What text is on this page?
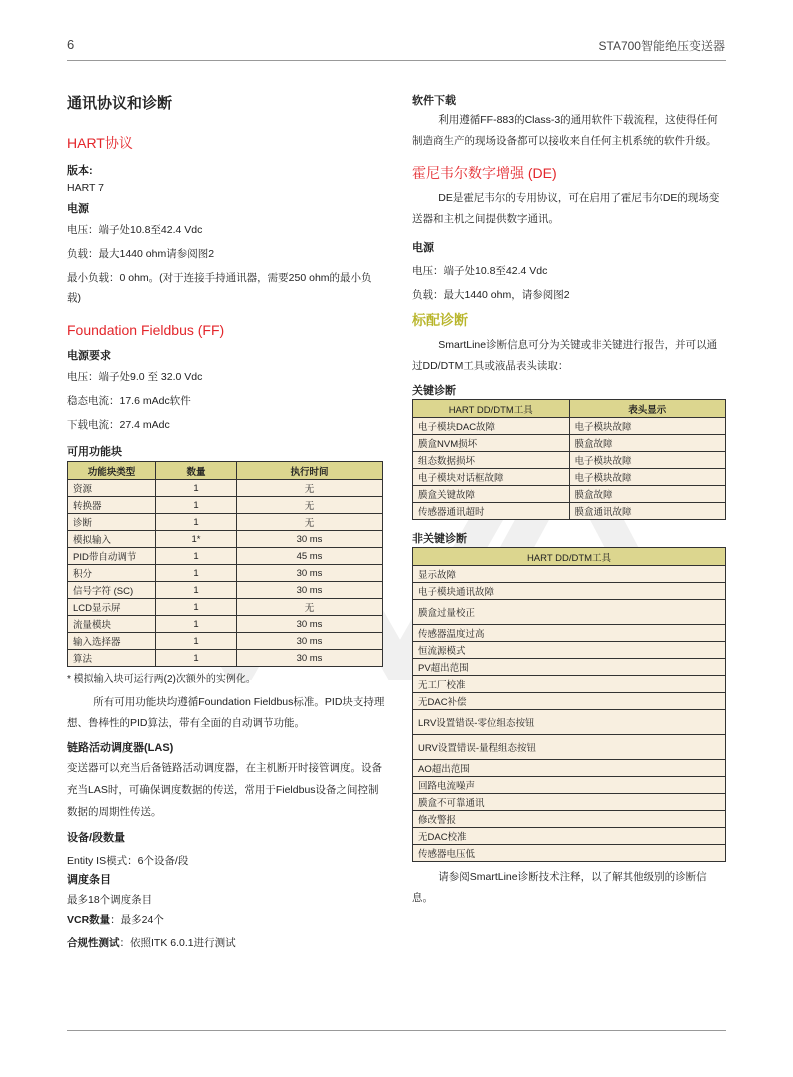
6	STA700智能绝压变送器
通讯协议和诊断
HART协议
版本:
HART 7
电源
电压：端子处10.8至42.4 Vdc
负载：最大1440 ohm请参阅图2
最小负载：0 ohm。(对于连接手持通讯器，需要250 ohm的最小负载)
Foundation Fieldbus (FF)
电源要求
电压：端子处9.0 至 32.0 Vdc
稳态电流：17.6 mAdc软件
下载电流：27.4 mAdc
可用功能块
功能块类型	数量	执行时间
资源	1	无
转换器	1	无
诊断	1	无
模拟输入	1*	30 ms
PID带自动调节	1	45 ms
积分	1	30 ms
信号字符 (SC)	1	30 ms
LCD显示屏	1	无
流量模块	1	30 ms
输入选择器	1	30 ms
算法	1	30 ms
* 模拟输入块可运行两(2)次额外的实例化。
所有可用功能块均遵循Foundation Fieldbus标准。PID块支持理想、鲁棒性的PID算法，带有全面的自动调节功能。
链路活动调度器(LAS)
变送器可以充当后备链路活动调度器，在主机断开时接管调度。设备充当LAS时，可确保调度数据的传送，常用于Fieldbus设备之间控制数据的周期性传送。
设备/段数量
Entity IS模式：6个设备/段
调度条目
最多18个调度条目
VCR数量：最多24个
合规性测试：依照ITK 6.0.1进行测试
软件下载
利用遵循FF-883的Class-3的通用软件下载流程，这使得任何制造商生产的现场设备都可以接收来自任何主机系统的软件升级。
霍尼韦尔数字增强 (DE)
DE是霍尼韦尔的专用协议，可在启用了霍尼韦尔DE的现场变送器和主机之间提供数字通讯。
电源
电压：端子处10.8至42.4 Vdc
负载：最大1440 ohm，请参阅图2
标配诊断
SmartLine诊断信息可分为关键或非关键进行报告，并可以通过DD/DTM工具或液晶表头读取：
关键诊断
HART DD/DTM工具	表头显示
电子模块DAC故障	电子模块故障
膜盒NVM损坏	膜盒故障
组态数据损坏	电子模块故障
电子模块对话框故障	电子模块故障
膜盒关键故障	膜盒故障
传感器通讯超时	膜盒通讯故障
非关键诊断
HART DD/DTM工具
显示故障
电子模块通讯故障
膜盒过量校正
传感器温度过高
恒流源模式
PV超出范围
无工厂校准
无DAC补偿
LRV设置错误-零位组态按钮
URV设置错误-量程组态按钮
AO超出范围
回路电流噪声
膜盒不可靠通讯
修改警报
无DAC校准
传感器电压低
请参阅SmartLine诊断技术注释，以了解其他级别的诊断信息。
